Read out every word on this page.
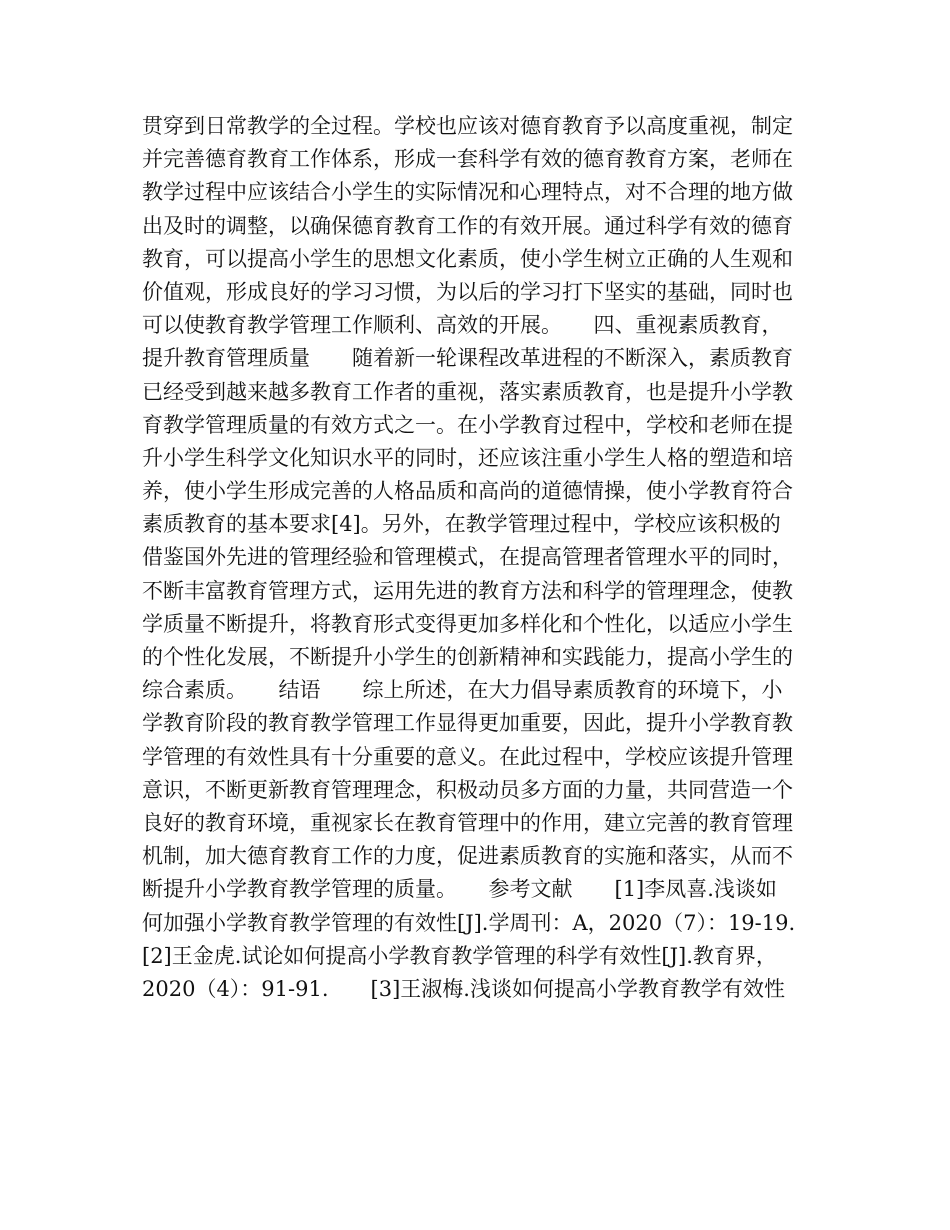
贯穿到日常教学的全过程。学校也应该对德育教育予以高度重视，制定
并完善德育教育工作体系，形成一套科学有效的德育教育方案，老师在
教学过程中应该结合小学生的实际情况和心理特点，对不合理的地方做
出及时的调整，以确保德育教育工作的有效开展。通过科学有效的德育
教育，可以提高小学生的思想文化素质，使小学生树立正确的人生观和
价值观，形成良好的学习习惯，为以后的学习打下坚实的基础，同时也
可以使教育教学管理工作顺利、高效的开展。　　四、重视素质教育，
提升教育管理质量　　随着新一轮课程改革进程的不断深入，素质教育
已经受到越来越多教育工作者的重视，落实素质教育，也是提升小学教
育教学管理质量的有效方式之一。在小学教育过程中，学校和老师在提
升小学生科学文化知识水平的同时，还应该注重小学生人格的塑造和培
养，使小学生形成完善的人格品质和高尚的道德情操，使小学教育符合
素质教育的基本要求[4]。另外，在教学管理过程中，学校应该积极的
借鉴国外先进的管理经验和管理模式，在提高管理者管理水平的同时，
不断丰富教育管理方式，运用先进的教育方法和科学的管理理念，使教
学质量不断提升，将教育形式变得更加多样化和个性化，以适应小学生
的个性化发展，不断提升小学生的创新精神和实践能力，提高小学生的
综合素质。　　结语　　综上所述，在大力倡导素质教育的环境下，小
学教育阶段的教育教学管理工作显得更加重要，因此，提升小学教育教
学管理的有效性具有十分重要的意义。在此过程中，学校应该提升管理
意识，不断更新教育管理理念，积极动员多方面的力量，共同营造一个
良好的教育环境，重视家长在教育管理中的作用，建立完善的教育管理
机制，加大德育教育工作的力度，促进素质教育的实施和落实，从而不
断提升小学教育教学管理的质量。　　参考文献　　[1]李凤喜.浅谈如
何加强小学教育教学管理的有效性[J].学周刊：A，2020（7）：19-19.
[2]王金虎.试论如何提高小学教育教学管理的科学有效性[J].教育界，
2020（4）：91-91.　　[3]王淑梅.浅谈如何提高小学教育教学有效性
